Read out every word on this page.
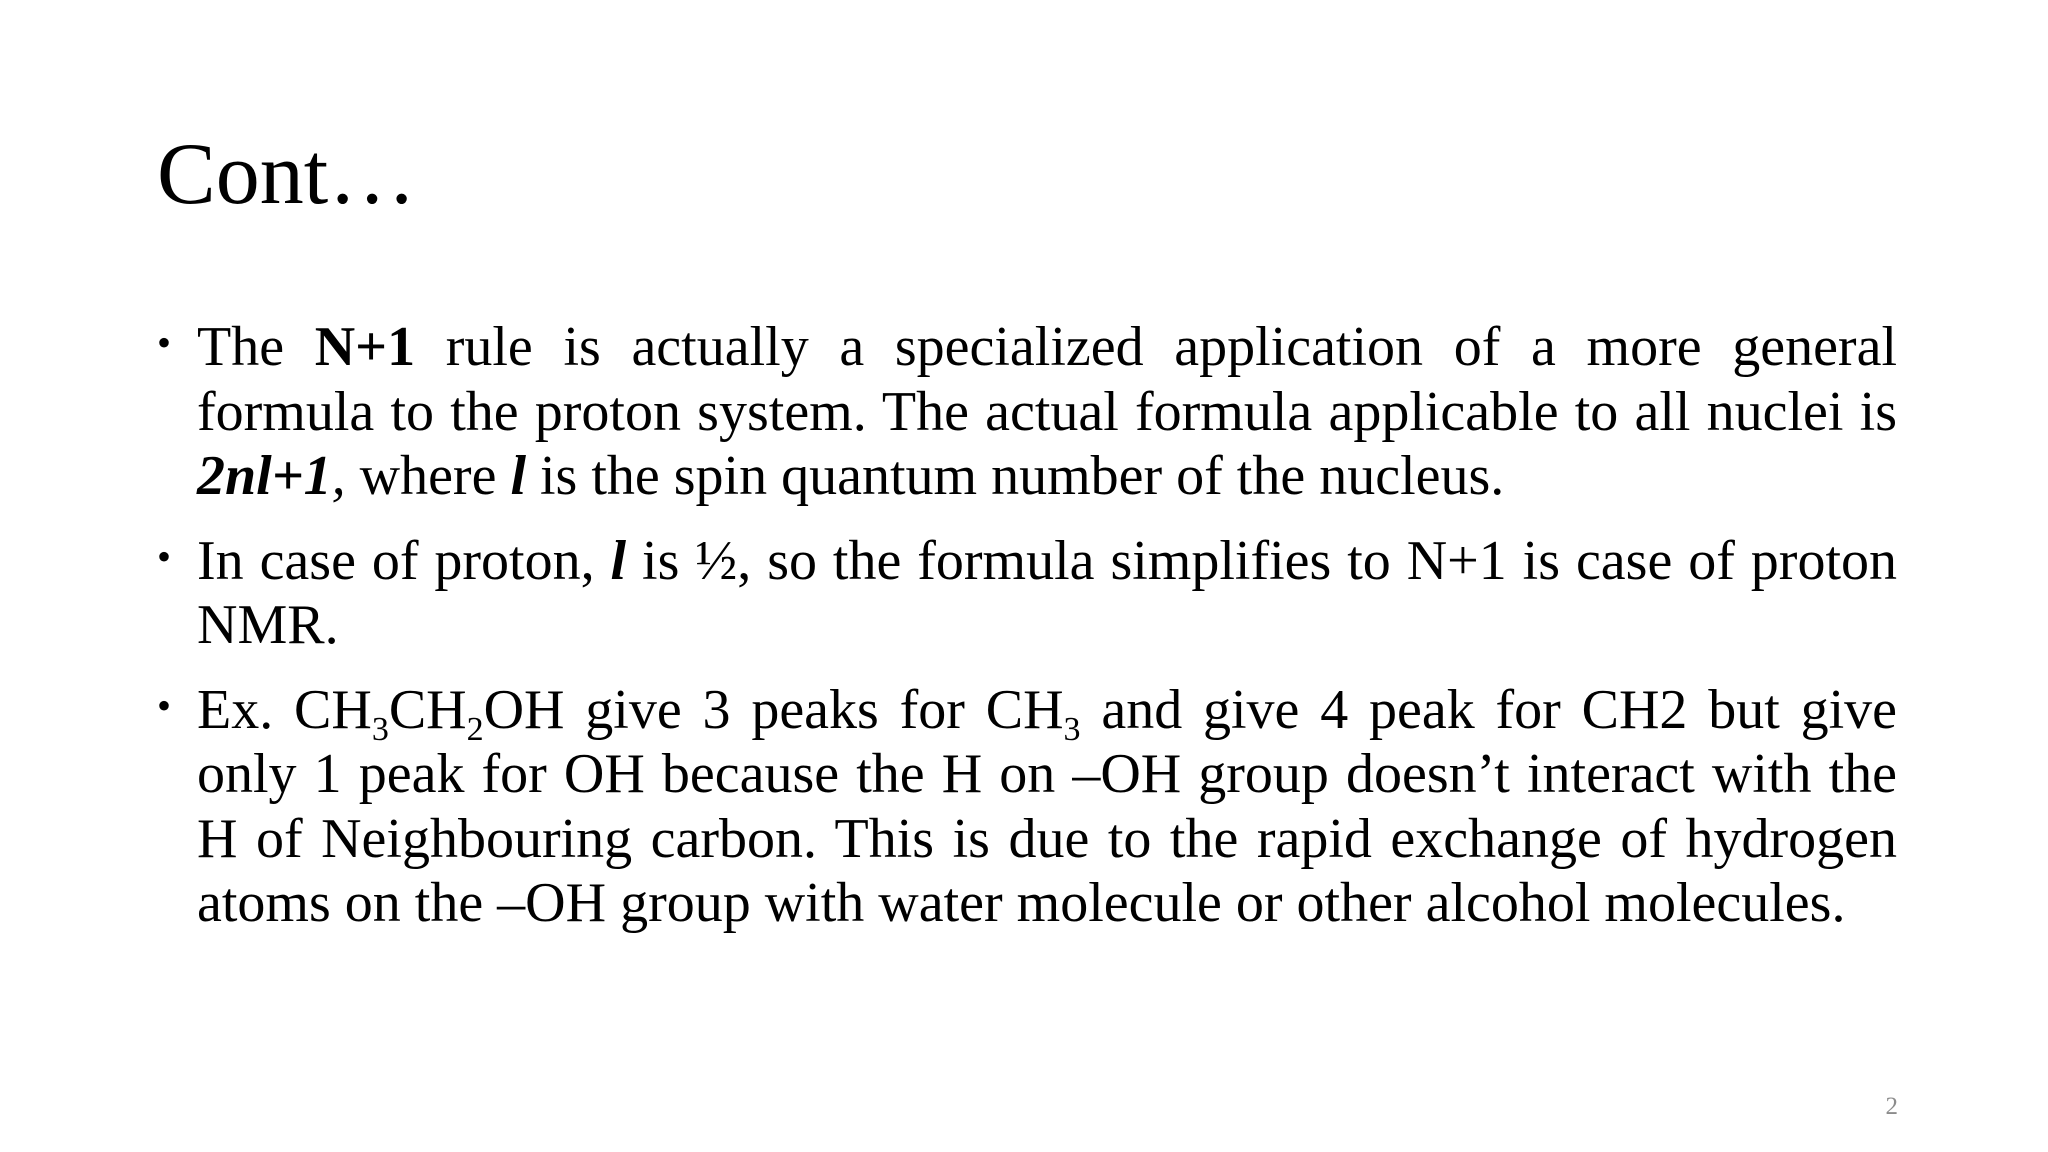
Cont…
• The N+1 rule is actually a specialized application of a more general formula to the proton system. The actual formula applicable to all nuclei is 2nl+1, where l is the spin quantum number of the nucleus.
• In case of proton, l is ½, so the formula simplifies to N+1 is case of proton NMR.
• Ex. $CH_3CH_2OH$ give 3 peaks for $CH_3$ and give 4 peak for CH2 but give only 1 peak for OH because the H on –OH group doesn’t interact with the H of Neighbouring carbon. This is due to the rapid exchange of hydrogen atoms on the –OH group with water molecule or other alcohol molecules.
2
